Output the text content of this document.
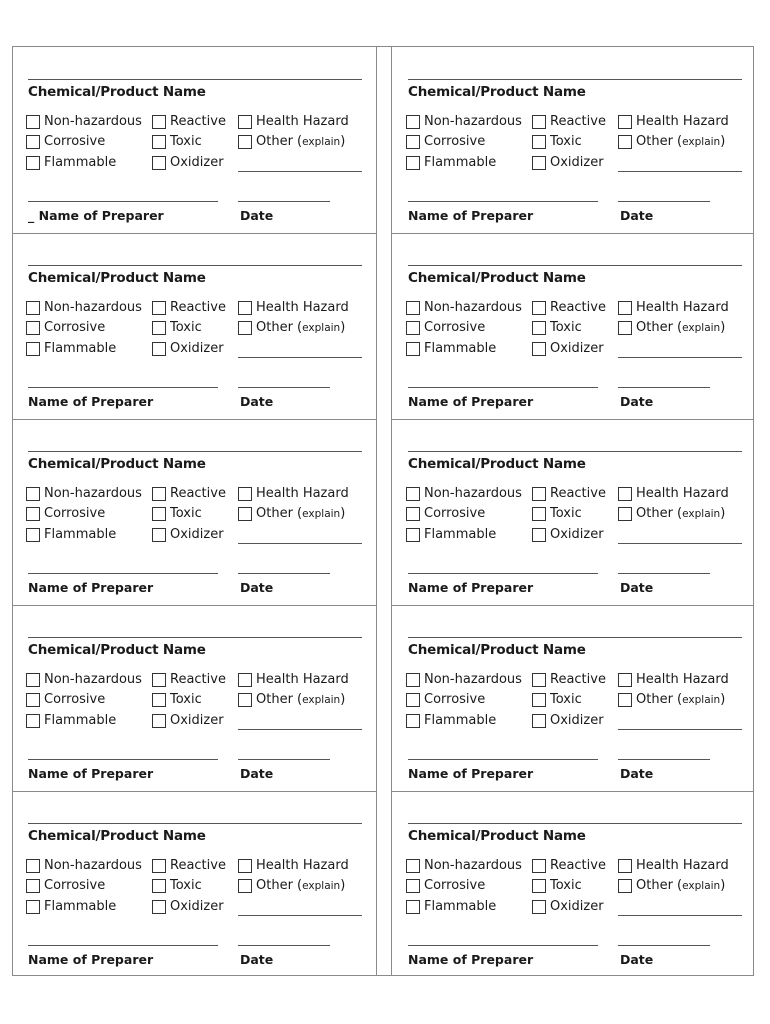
Chemical/Product Name
Non-hazardous Reactive Health Hazard
Corrosive	Toxic	Other ( explain )
Flammable	Oxidizer
_ Name of Preparer	Date
Chemical/Product Name
Non-hazardous Reactive Health Hazard
Corrosive	Toxic	Other ( explain )
Flammable	Oxidizer
Name of Preparer	Date
Chemical/Product Name
Non-hazardous Reactive Health Hazard
Corrosive	Toxic	Other ( explain )
Flammable	Oxidizer
Name of Preparer	Date
Chemical/Product Name
Non-hazardous Reactive Health Hazard
Corrosive	Toxic	Other ( explain )
Flammable	Oxidizer
Name of Preparer	Date
Chemical/Product Name
Non-hazardous Reactive Health Hazard
Corrosive	Toxic	Other ( explain )
Flammable	Oxidizer
Name of Preparer	Date
Chemical/Product Name
Non-hazardous Reactive Health Hazard
Corrosive	Toxic	Other ( explain )
Flammable	Oxidizer
Name of Preparer	Date
Chemical/Product Name
Non-hazardous Reactive Health Hazard
Corrosive	Toxic	Other ( explain )
Flammable	Oxidizer
Name of Preparer	Date
Chemical/Product Name
Non-hazardous Reactive Health Hazard
Corrosive	Toxic	Other ( explain )
Flammable	Oxidizer
Name of Preparer	Date
Chemical/Product Name
Non-hazardous Reactive Health Hazard
Corrosive	Toxic	Other ( explain )
Flammable	Oxidizer
Name of Preparer	Date
Chemical/Product Name
Non-hazardous Reactive Health Hazard
Corrosive	Toxic	Other ( explain )
Flammable	Oxidizer
Name of Preparer	Date
